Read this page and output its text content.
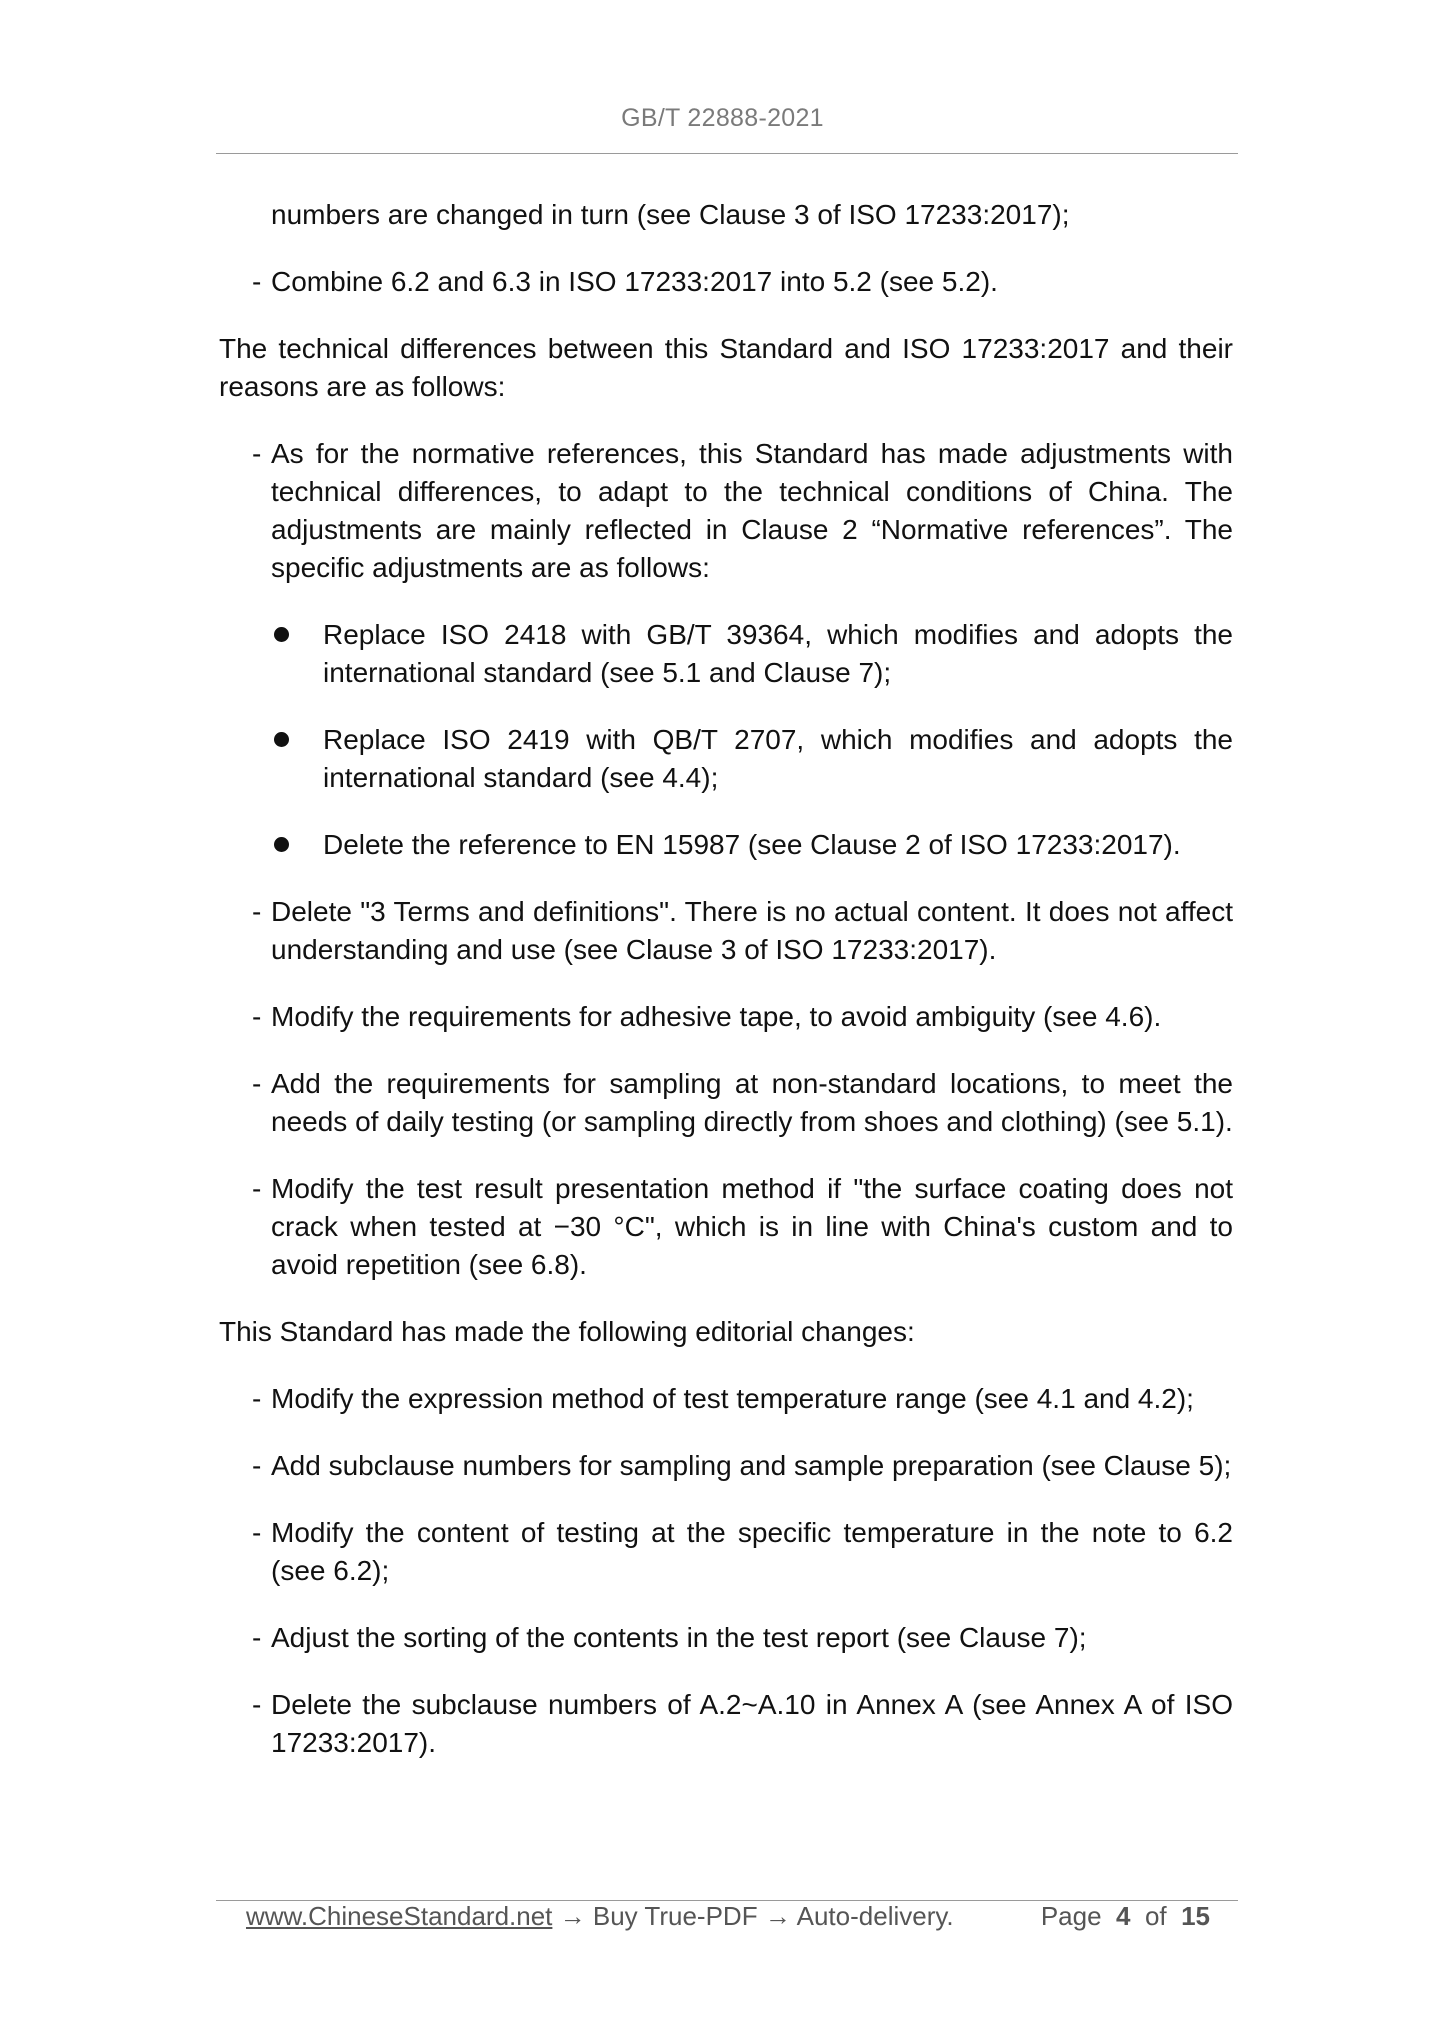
GB/T 22888-2021

numbers are changed in turn (see Clause 3 of ISO 17233:2017);

- Combine 6.2 and 6.3 in ISO 17233:2017 into 5.2 (see 5.2).

The technical differences between this Standard and ISO 17233:2017 and their reasons are as follows:

- As for the normative references, this Standard has made adjustments with technical differences, to adapt to the technical conditions of China. The adjustments are mainly reflected in Clause 2 “Normative references”. The specific adjustments are as follows:
Replace ISO 2418 with GB/T 39364, which modifies and adopts the international standard (see 5.1 and Clause 7);
Replace ISO 2419 with QB/T 2707, which modifies and adopts the international standard (see 4.4);
Delete the reference to EN 15987 (see Clause 2 of ISO 17233:2017).
- Delete "3 Terms and definitions". There is no actual content. It does not affect understanding and use (see Clause 3 of ISO 17233:2017).
- Modify the requirements for adhesive tape, to avoid ambiguity (see 4.6).
- Add the requirements for sampling at non-standard locations, to meet the needs of daily testing (or sampling directly from shoes and clothing) (see 5.1).
- Modify the test result presentation method if "the surface coating does not crack when tested at −30 °C", which is in line with China's custom and to avoid repetition (see 6.8).

This Standard has made the following editorial changes:

- Modify the expression method of test temperature range (see 4.1 and 4.2);
- Add subclause numbers for sampling and sample preparation (see Clause 5);
- Modify the content of testing at the specific temperature in the note to 6.2 (see 6.2);
- Adjust the sorting of the contents in the test report (see Clause 7);
- Delete the subclause numbers of A.2~A.10 in Annex A (see Annex A of ISO 17233:2017).
www.ChineseStandard.net → Buy True-PDF → Auto-delivery.	Page 4 of 15
